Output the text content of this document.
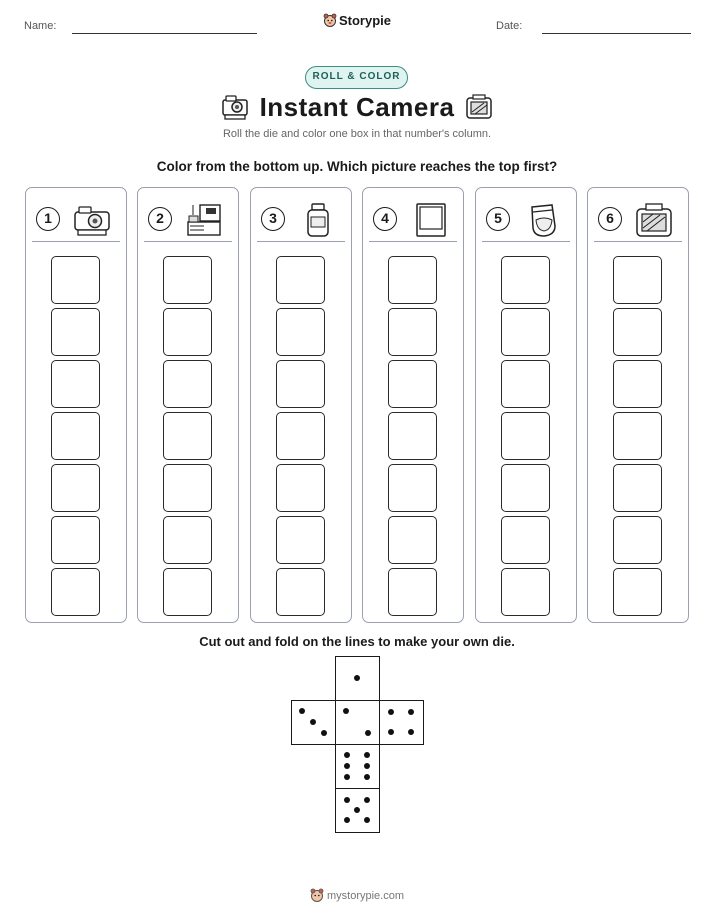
Name:	Storypie	Date:
ROLL & COLOR
Instant Camera
Roll the die and color one box in that number's column.
Color from the bottom up. Which picture reaches the top first?
1	2	3	4	5	6
Cut out and fold on the lines to make your own die.
mystorypie.com
